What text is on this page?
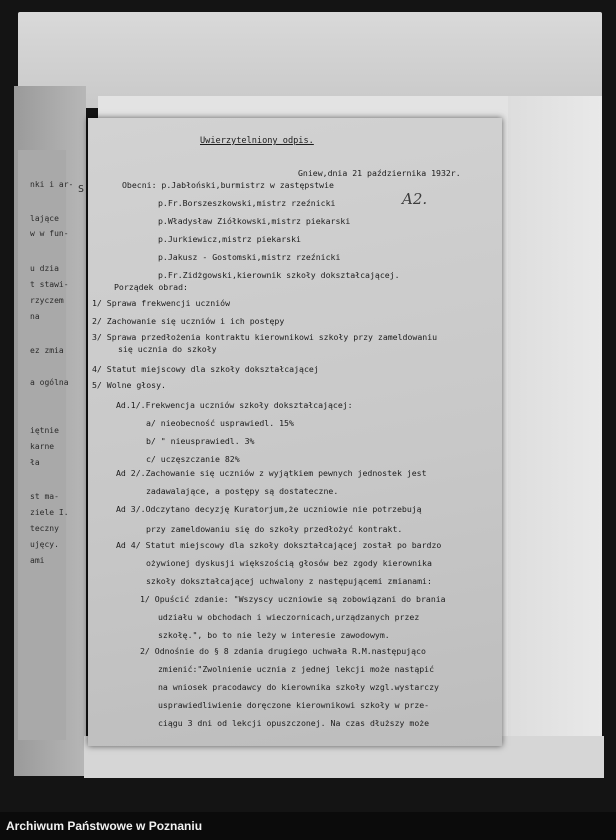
nki i ar-
lające
w w fun-
u dzia
t stawi-
rzyczem
na
ez zmia
a ogólna
iętnie
karne
ła
st ma-
ziele I.
teczny
ujęcy.
ami
S
Uwierzytelniony odpis.
Gniew,dnia 21 października 1932r.
A2.
Obecni: p.Jabłoński,burmistrz w zastępstwie
p.Fr.Borszeszkowski,mistrz rzeźnicki
p.Władysław Ziółkowski,mistrz piekarski
p.Jurkiewicz,mistrz piekarski
p.Jakusz - Gostomski,mistrz rzeźnicki
p.Fr.Zidżgowski,kierownik szkoły dokształcającej.
Porządek obrad:
1/ Sprawa frekwencji uczniów
2/ Zachowanie się uczniów i ich postępy
3/ Sprawa przedłożenia kontraktu kierownikowi szkoły przy zameldowaniu
się ucznia do szkoły
4/ Statut miejscowy dla szkoły dokształcającej
5/ Wolne głosy.
Ad.1/.Frekwencja uczniów szkoły dokształcającej:
a/ nieobecność usprawiedl. 15%
b/ " nieusprawiedl. 3%
c/ uczęszczanie 82%
Ad 2/.Zachowanie się uczniów z wyjątkiem pewnych jednostek jest
zadawalające, a postępy są dostateczne.
Ad 3/.Odczytano decyzję Kuratorjum,że uczniowie nie potrzebują
przy zameldowaniu się do szkoły przedłożyć kontrakt.
Ad 4/ Statut miejscowy dla szkoły dokształcającej został po bardzo
ożywionej dyskusji większością głosów bez zgody kierownika
szkoły dokształcającej uchwalony z następującemi zmianami:
1/ Opuścić zdanie: "Wszyscy uczniowie są zobowiązani do brania
udziału w obchodach i wieczornicach,urządzanych przez
szkołę.", bo to nie leży w interesie zawodowym.
2/ Odnośnie do § 8 zdania drugiego uchwała R.M.następująco
zmienić:"Zwolnienie ucznia z jednej lekcji może nastąpić
na wniosek pracodawcy do kierownika szkoły wzgl.wystarczy
usprawiedliwienie doręczone kierownikowi szkoły w prze-
ciągu 3 dni od lekcji opuszczonej. Na czas dłuższy może
Archiwum Państwowe w Poznaniu
